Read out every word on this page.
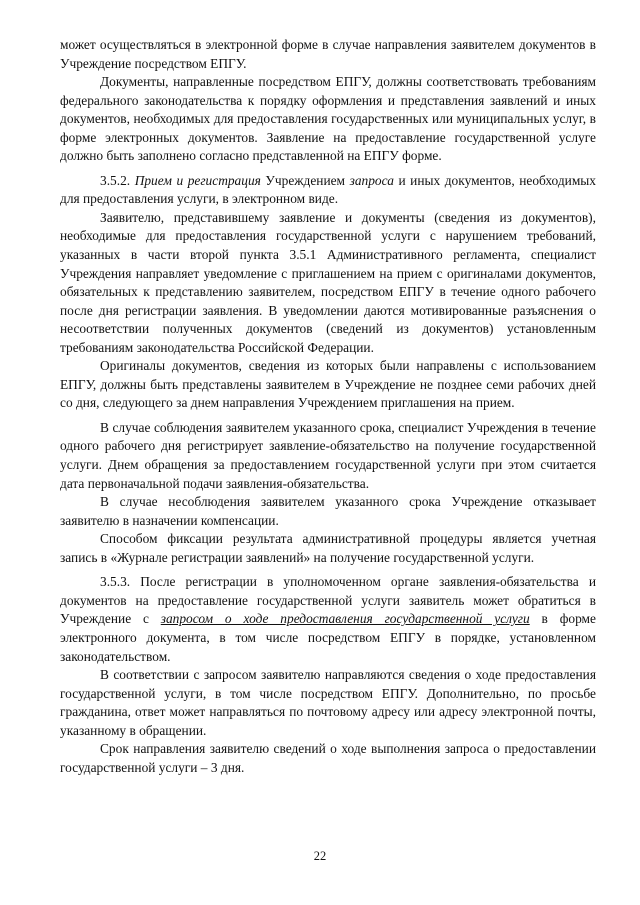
может осуществляться в электронной форме в случае направления заявителем документов в Учреждение посредством ЕПГУ.

Документы, направленные посредством ЕПГУ, должны соответствовать требованиям федерального законодательства к порядку оформления и представления заявлений и иных документов, необходимых для предоставления государственных или муниципальных услуг, в форме электронных документов. Заявление на предоставление государственной услуге должно быть заполнено согласно представленной на ЕПГУ форме.

3.5.2. Прием и регистрация Учреждением запроса и иных документов, необходимых для предоставления услуги, в электронном виде.

Заявителю, представившему заявление и документы (сведения из документов), необходимые для предоставления государственной услуги с нарушением требований, указанных в части второй пункта 3.5.1 Административного регламента, специалист Учреждения направляет уведомление с приглашением на прием с оригиналами документов, обязательных к представлению заявителем, посредством ЕПГУ в течение одного рабочего после дня регистрации заявления. В уведомлении даются мотивированные разъяснения о несоответствии полученных документов (сведений из документов) установленным требованиям законодательства Российской Федерации.

Оригиналы документов, сведения из которых были направлены с использованием ЕПГУ, должны быть представлены заявителем в Учреждение не позднее семи рабочих дней со дня, следующего за днем направления Учреждением приглашения на прием.

В случае соблюдения заявителем указанного срока, специалист Учреждения в течение одного рабочего дня регистрирует заявление-обязательство на получение государственной услуги. Днем обращения за предоставлением государственной услуги при этом считается дата первоначальной подачи заявления-обязательства.

В случае несоблюдения заявителем указанного срока Учреждение отказывает заявителю в назначении компенсации.

Способом фиксации результата административной процедуры является учетная запись в «Журнале регистрации заявлений» на получение государственной услуги.

3.5.3. После регистрации в уполномоченном органе заявления-обязательства и документов на предоставление государственной услуги заявитель может обратиться в Учреждение с запросом о ходе предоставления государственной услуги в форме электронного документа, в том числе посредством ЕПГУ в порядке, установленном законодательством.

В соответствии с запросом заявителю направляются сведения о ходе предоставления государственной услуги, в том числе посредством ЕПГУ. Дополнительно, по просьбе гражданина, ответ может направляться по почтовому адресу или адресу электронной почты, указанному в обращении.

Срок направления заявителю сведений о ходе выполнения запроса о предоставлении государственной услуги – 3 дня.

22
